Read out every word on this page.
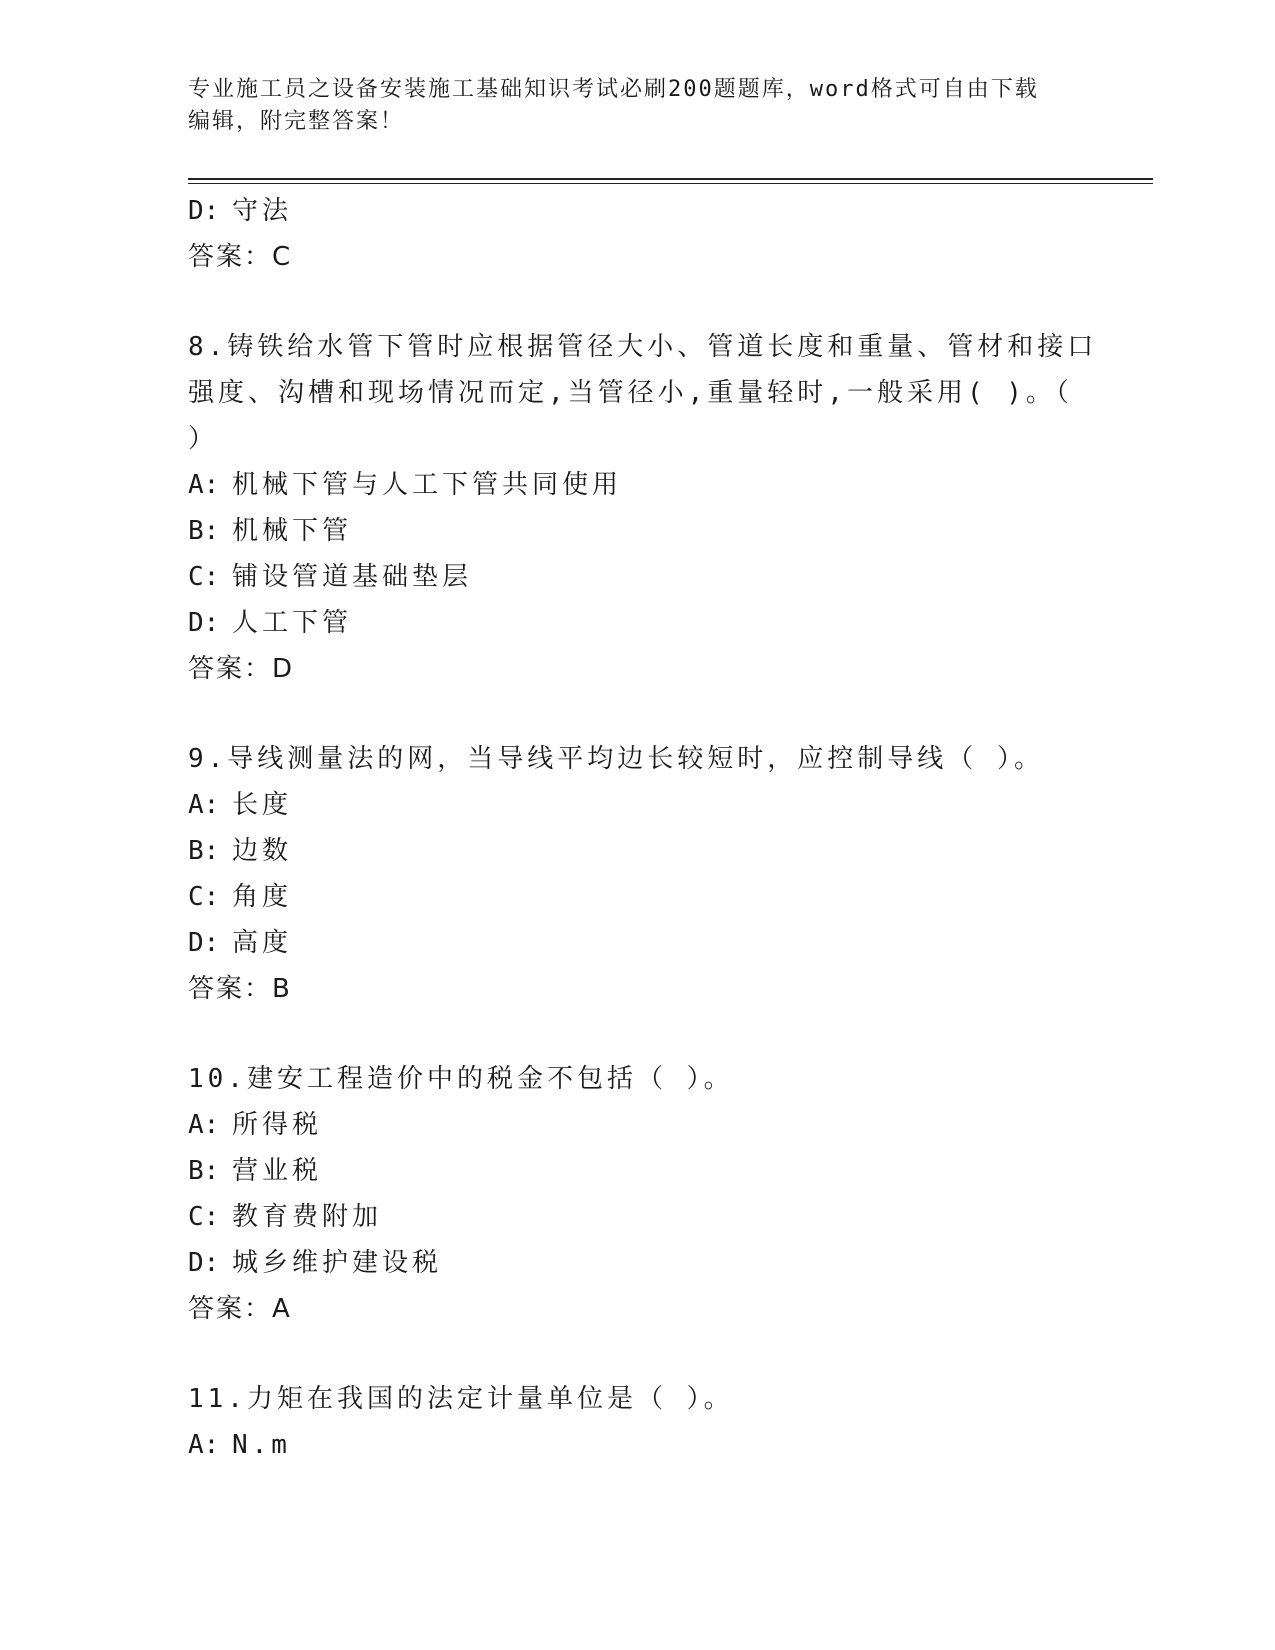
专业施工员之设备安装施工基础知识考试必刷200题题库，word格式可自由下载
编辑，附完整答案！
D: 守法
答案：C
8.铸铁给水管下管时应根据管径大小、管道长度和重量、管材和接口
强度、沟槽和现场情况而定,当管径小,重量轻时,一般采用( )。（
）
A: 机械下管与人工下管共同使用
B: 机械下管
C: 铺设管道基础垫层
D: 人工下管
答案：D
9.导线测量法的网，当导线平均边长较短时，应控制导线（ ）。
A: 长度
B: 边数
C: 角度
D: 高度
答案：B
10.建安工程造价中的税金不包括（ ）。
A: 所得税
B: 营业税
C: 教育费附加
D: 城乡维护建设税
答案：A
11.力矩在我国的法定计量单位是（ ）。
A: N.m
